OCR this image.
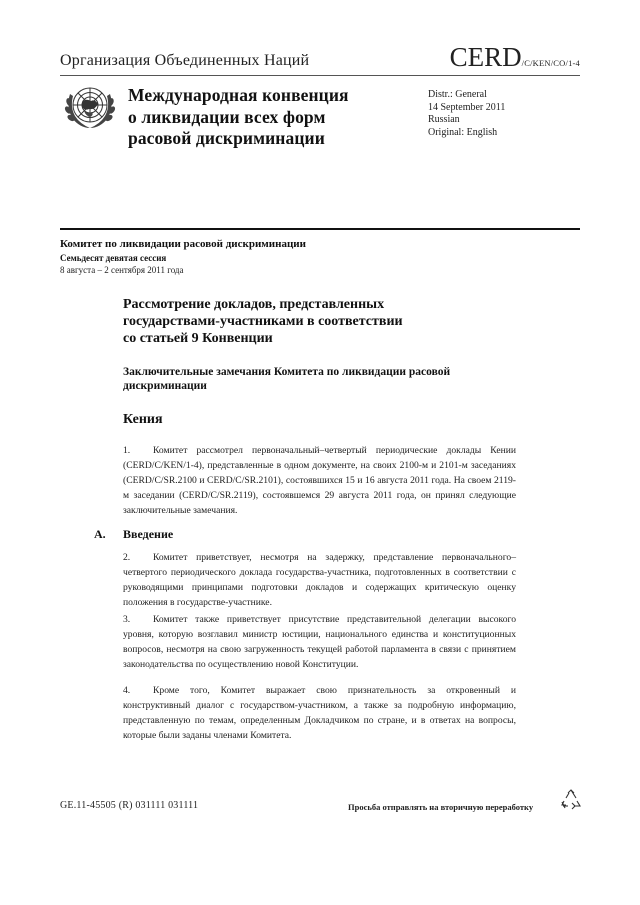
Организация Объединенных Наций	CERD/C/KEN/CO/1-4
Международная конвенция
о ликвидации всех форм
расовой дискриминации
Distr.: General
14 September 2011
Russian
Original: English
Комитет по ликвидации расовой дискриминации
Семьдесят девятая сессия
8 августа – 2 сентября 2011 года
Рассмотрение докладов, представленных
государствами-участниками в соответствии
со статьей 9 Конвенции
Заключительные замечания Комитета по ликвидации расовой
дискриминации
Кения
1. Комитет рассмотрел первоначальный–четвертый периодические доклады Кении (CERD/C/KEN/1-4), представленные в одном документе, на своих 2100-м и 2101-м заседаниях (CERD/C/SR.2100 и CERD/C/SR.2101), состоявшихся 15 и 16 августа 2011 года. На своем 2119-м заседании (CERD/C/SR.2119), состоявшемся 29 августа 2011 года, он принял следующие заключительные замечания.
A. Введение
2. Комитет приветствует, несмотря на задержку, представление первоначального–четвертого периодического доклада государства-участника, подготовленных в соответствии с руководящими принципами подготовки докладов и содержащих критическую оценку положения в государстве-участнике.
3. Комитет также приветствует присутствие представительной делегации высокого уровня, которую возглавил министр юстиции, национального единства и конституционных вопросов, несмотря на свою загруженность текущей работой парламента в связи с принятием законодательства по осуществлению новой Конституции.
4. Кроме того, Комитет выражает свою признательность за откровенный и конструктивный диалог с государством-участником, а также за подробную информацию, представленную по темам, определенным Докладчиком по стране, и в ответах на вопросы, которые были заданы членами Комитета.
GE.11-45505 (R) 031111 031111	Просьба отправлять на вторичную переработку
